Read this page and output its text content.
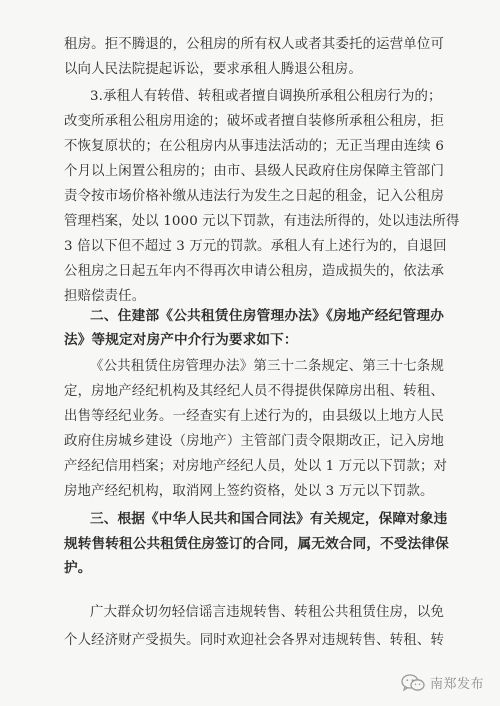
租房。拒不腾退的，公租房的所有权人或者其委托的运营单位可
以向人民法院提起诉讼，要求承租人腾退公租房。
3.承租人有转借、转租或者擅自调换所承租公租房行为的；
改变所承租公租房用途的；破坏或者擅自装修所承租公租房，拒
不恢复原状的；在公租房内从事违法活动的；无正当理由连续 6
个月以上闲置公租房的；由市、县级人民政府住房保障主管部门
责令按市场价格补缴从违法行为发生之日起的租金，记入公租房
管理档案，处以 1000 元以下罚款，有违法所得的，处以违法所得
3 倍以下但不超过 3 万元的罚款。承租人有上述行为的，自退回
公租房之日起五年内不得再次申请公租房，造成损失的，依法承
担赔偿责任。
二、住建部《公共租赁住房管理办法》《房地产经纪管理办
法》等规定对房产中介行为要求如下：
《公共租赁住房管理办法》第三十二条规定、第三十七条规
定，房地产经纪机构及其经纪人员不得提供保障房出租、转租、
出售等经纪业务。一经查实有上述行为的，由县级以上地方人民
政府住房城乡建设（房地产）主管部门责令限期改正，记入房地
产经纪信用档案；对房地产经纪人员，处以 1 万元以下罚款；对
房地产经纪机构，取消网上签约资格，处以 3 万元以下罚款。
三、根据《中华人民共和国合同法》有关规定，保障对象违
规转售转租公共租赁住房签订的合同，属无效合同，不受法律保
护。
广大群众切勿轻信谣言违规转售、转租公共租赁住房，以免
个人经济财产受损失。同时欢迎社会各界对违规转售、转租、转
南郑发布
